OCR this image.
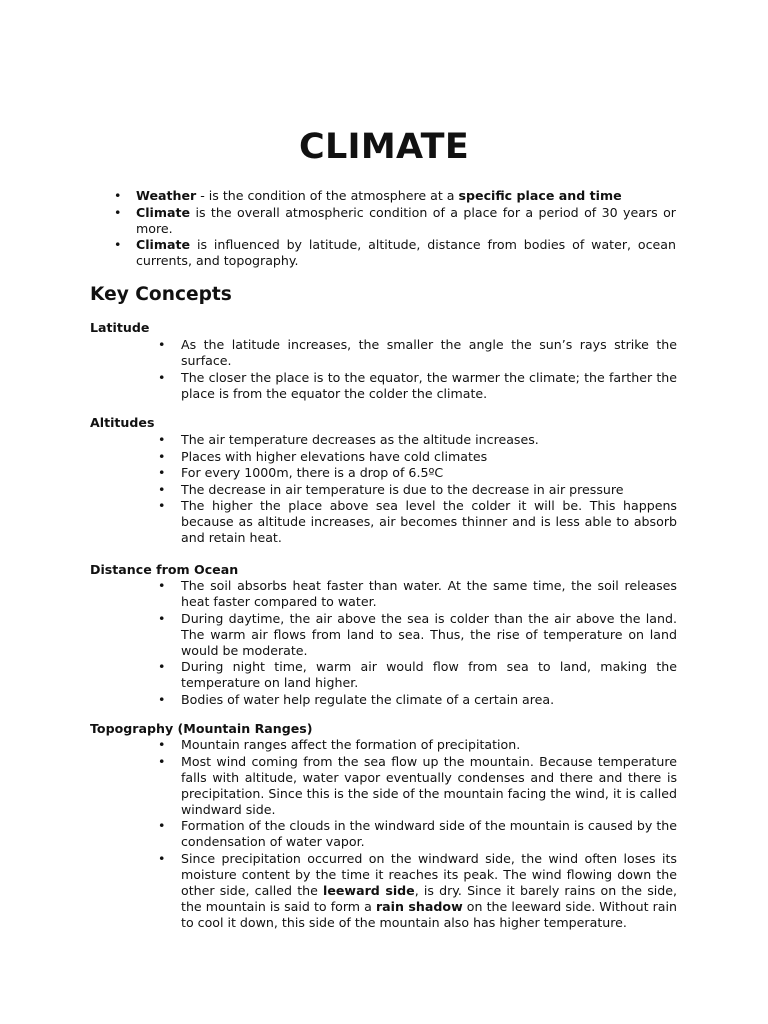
CLIMATE
• Weather - is the condition of the atmosphere at a specific place and time
• Climate is the overall atmospheric condition of a place for a period of 30 years or more.
• Climate is influenced by latitude, altitude, distance from bodies of water, ocean currents, and topography.
Key Concepts
Latitude
• As the latitude increases, the smaller the angle the sun’s rays strike the surface.
• The closer the place is to the equator, the warmer the climate; the farther the place is from the equator the colder the climate.
Altitudes
• The air temperature decreases as the altitude increases.
• Places with higher elevations have cold climates
• For every 1000m, there is a drop of 6.5ºC
• The decrease in air temperature is due to the decrease in air pressure
• The higher the place above sea level the colder it will be. This happens because as altitude increases, air becomes thinner and is less able to absorb and retain heat.
Distance from Ocean
• The soil absorbs heat faster than water. At the same time, the soil releases heat faster compared to water.
• During daytime, the air above the sea is colder than the air above the land. The warm air flows from land to sea. Thus, the rise of temperature on land would be moderate.
• During night time, warm air would flow from sea to land, making the temperature on land higher.
• Bodies of water help regulate the climate of a certain area.
Topography (Mountain Ranges)
• Mountain ranges affect the formation of precipitation.
• Most wind coming from the sea flow up the mountain. Because temperature falls with altitude, water vapor eventually condenses and there and there is precipitation. Since this is the side of the mountain facing the wind, it is called windward side.
• Formation of the clouds in the windward side of the mountain is caused by the condensation of water vapor.
• Since precipitation occurred on the windward side, the wind often loses its moisture content by the time it reaches its peak. The wind flowing down the other side, called the leeward side, is dry. Since it barely rains on the side, the mountain is said to form a rain shadow on the leeward side. Without rain to cool it down, this side of the mountain also has higher temperature.
